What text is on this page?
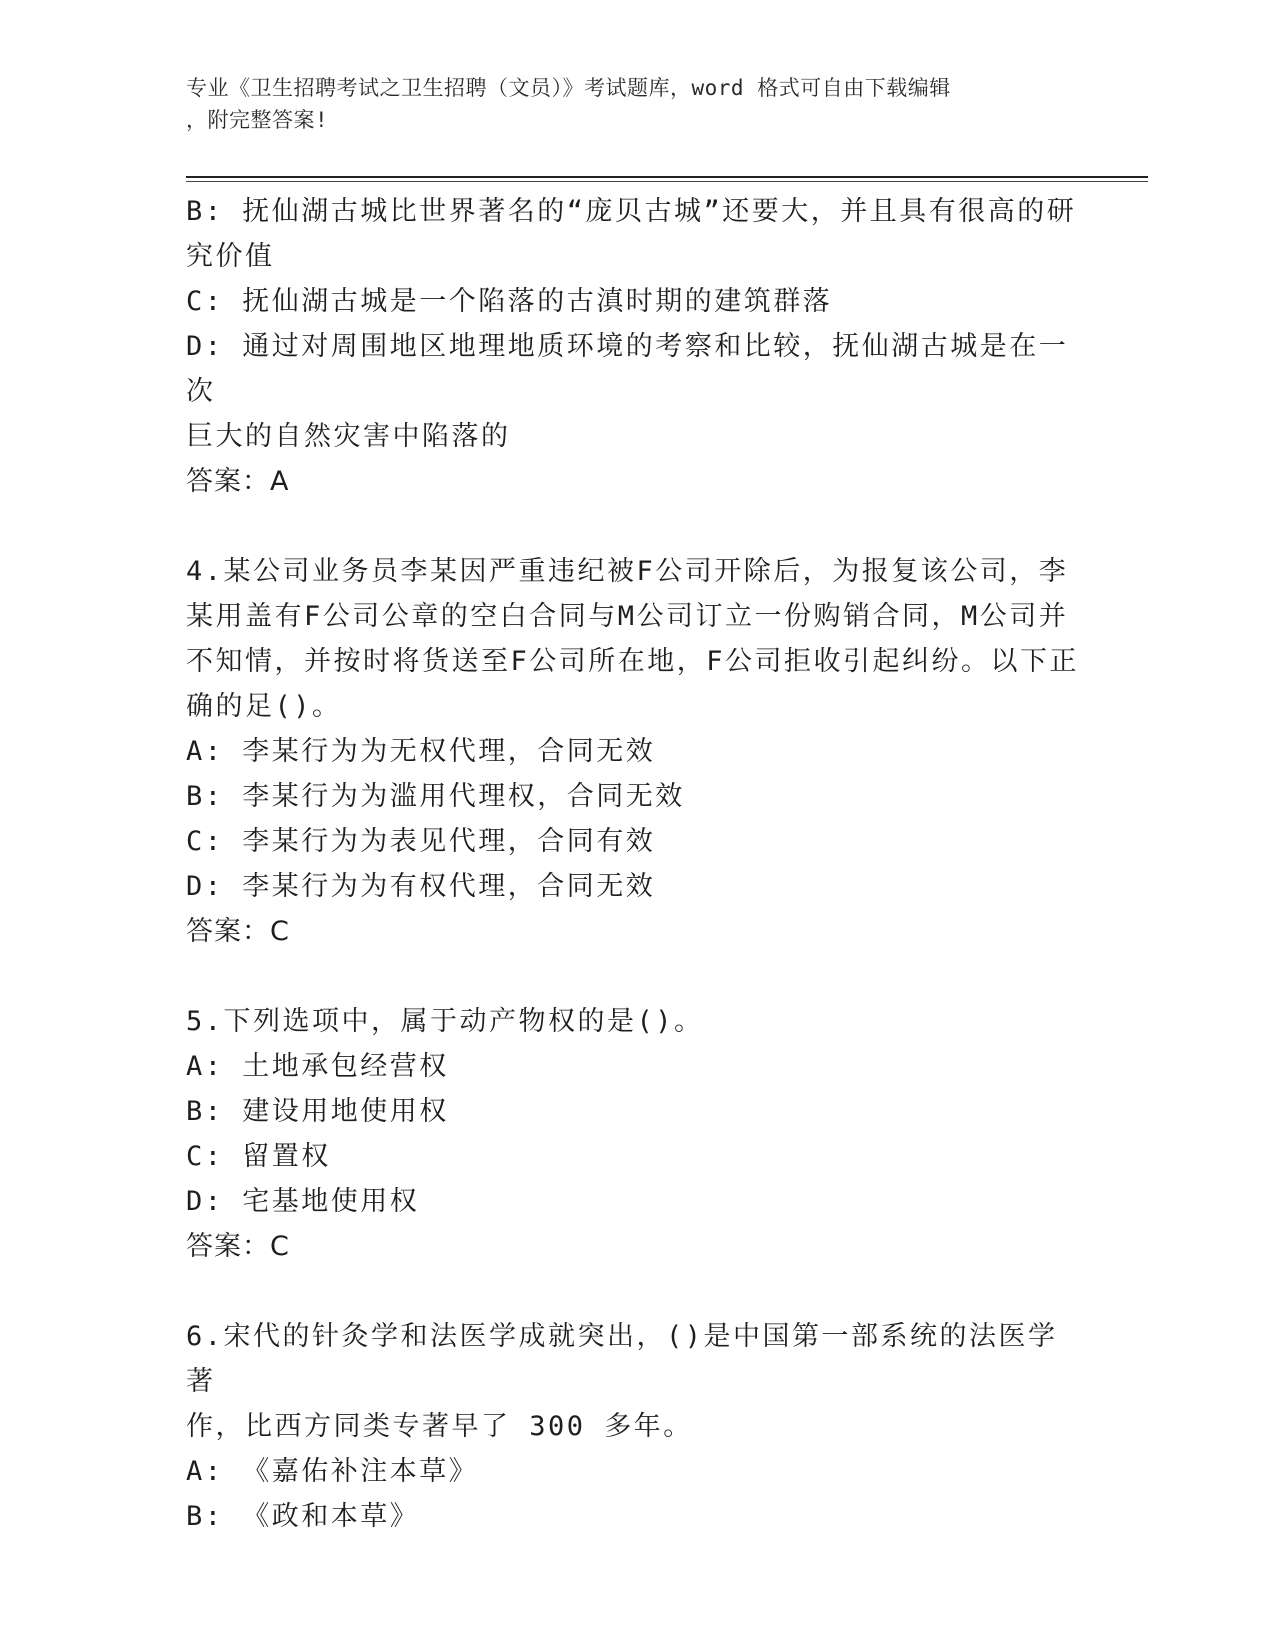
专业《卫生招聘考试之卫生招聘（文员）》考试题库，word 格式可自由下载编辑
，附完整答案!

B: 抚仙湖古城比世界著名的“庞贝古城”还要大，并且具有很高的研

究价值

C: 抚仙湖古城是一个陷落的古滇时期的建筑群落

D: 通过对周围地区地理地质环境的考察和比较，抚仙湖古城是在一次

巨大的自然灾害中陷落的

答案：A

4.某公司业务员李某因严重违纪被F公司开除后，为报复该公司，李

某用盖有F公司公章的空白合同与M公司订立一份购销合同，M公司并

不知情，并按时将货送至F公司所在地，F公司拒收引起纠纷。以下正

确的足()。

A: 李某行为为无权代理，合同无效

B: 李某行为为滥用代理权，合同无效

C: 李某行为为表见代理，合同有效

D: 李某行为为有权代理，合同无效

答案：C

5.下列选项中，属于动产物权的是()。

A: 土地承包经营权

B: 建设用地使用权

C: 留置权

D: 宅基地使用权

答案：C

6.宋代的针灸学和法医学成就突出，()是中国第一部系统的法医学著

作，比西方同类专著早了 300 多年。

A: 《嘉佑补注本草》

B: 《政和本草》
